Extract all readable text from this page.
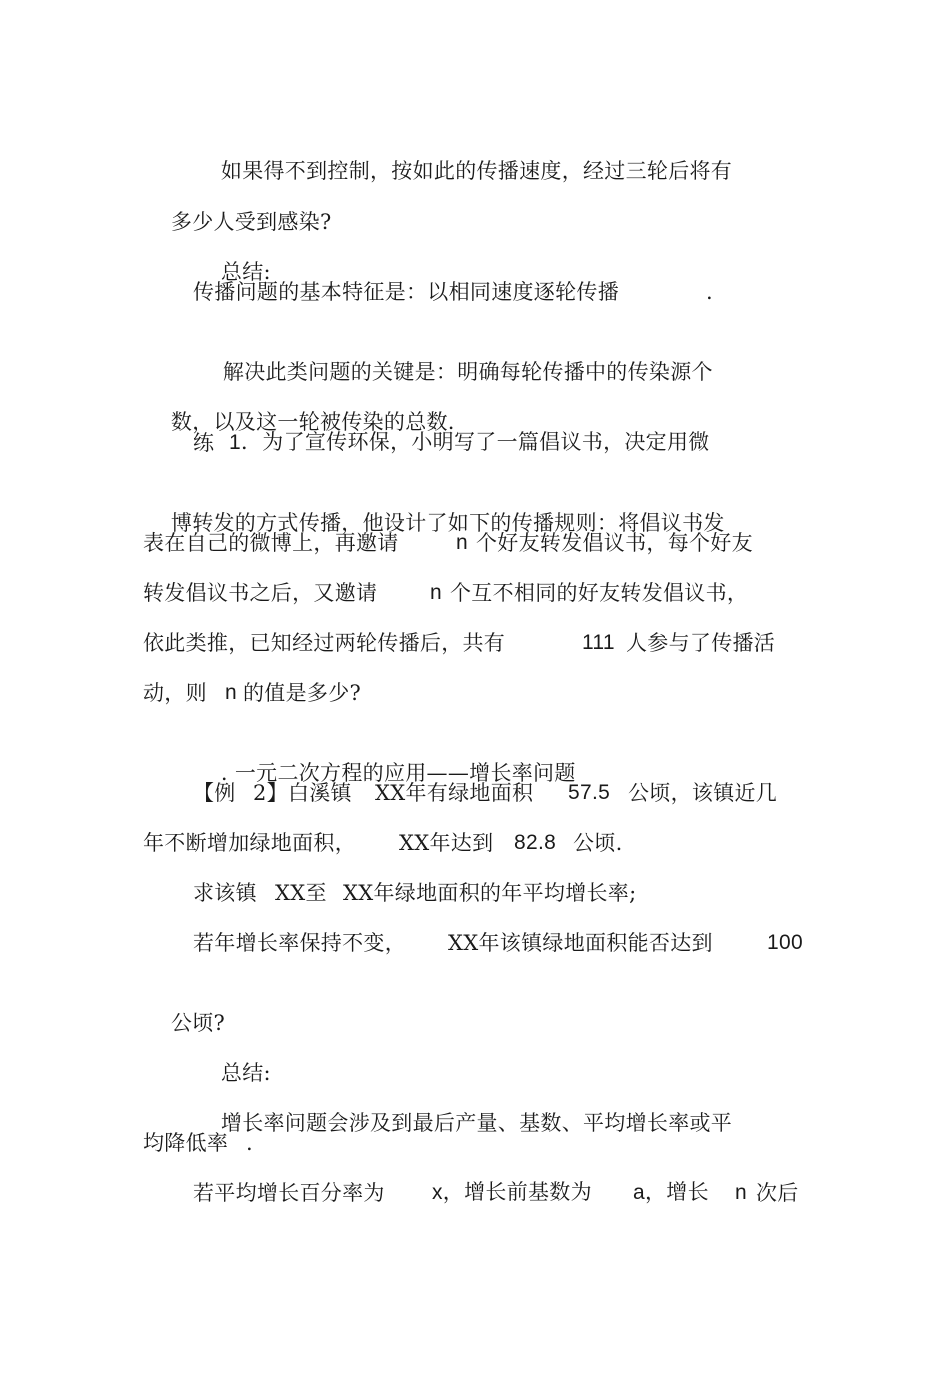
如果得不到控制，按如此的传播速度，经过三轮后将有

多少人受到感染?

总结:

传播问题的基本特征是：以相同速度逐轮传播

	.

解决此类问题的关键是：明确每轮传播中的传染源个

数，以及这一轮被传染的总数.

练

1．为了宣传环保，小明写了一篇倡议书，决定用微

博转发的方式传播，他设计了如下的传播规则：将倡议书发

表在自己的微博上，再邀请

	n

个好友转发倡议书，每个好友

转发倡议书之后，又邀请

	n

个互不相同的好友转发倡议书，

依此类推，已知经过两轮传播后，共有

	111

人参与了传播活

动，则

n

的值是多少?

. 一元二次方程的应用——增长率问题

【例

2】白溪镇

XX年有绿地面积

57.5

公顷，该镇近几

年不断增加绿地面积，

XX年达到

82.8

公顷.

求该镇

XX至

XX年绿地面积的年平均增长率;

若年增长率保持不变，

XX年该镇绿地面积能否达到

	100

公顷?

总结:

增长率问题会涉及到最后产量、基数、平均增长率或平

均降低率

.

若平均增长百分率为

x，增长前基数为

a，增长

n

次后
